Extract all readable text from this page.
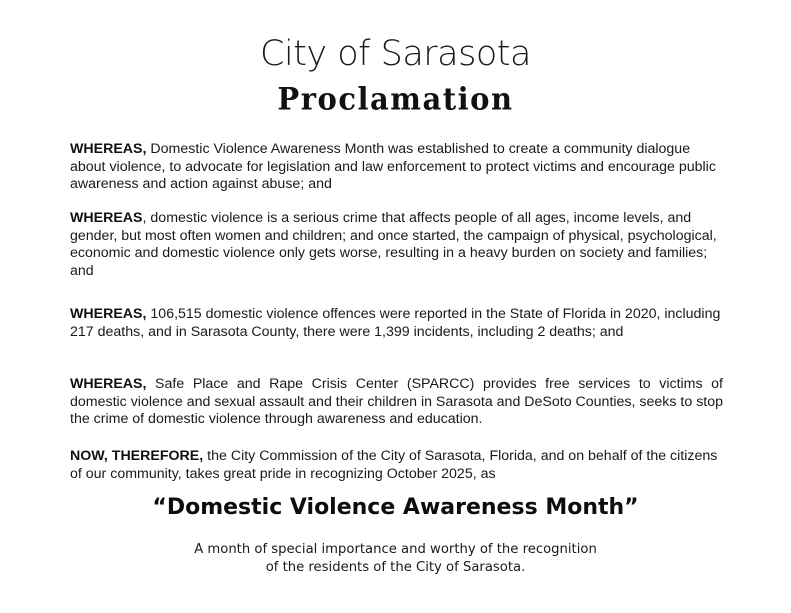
City of Sarasota
Proclamation

WHEREAS, Domestic Violence Awareness Month was established to create a community dialogue about violence, to advocate for legislation and law enforcement to protect victims and encourage public awareness and action against abuse; and

WHEREAS, domestic violence is a serious crime that affects people of all ages, income levels, and gender, but most often women and children; and once started, the campaign of physical, psychological, economic and domestic violence only gets worse, resulting in a heavy burden on society and families; and

WHEREAS, 106,515 domestic violence offences were reported in the State of Florida in 2020, including 217 deaths, and in Sarasota County, there were 1,399 incidents, including 2 deaths; and

WHEREAS, Safe Place and Rape Crisis Center (SPARCC) provides free services to victims of domestic violence and sexual assault and their children in Sarasota and DeSoto Counties, seeks to stop the crime of domestic violence through awareness and education.

NOW, THEREFORE, the City Commission of the City of Sarasota, Florida, and on behalf of the citizens of our community, takes great pride in recognizing October 2025, as

“Domestic Violence Awareness Month”
A month of special importance and worthy of the recognition
of the residents of the City of Sarasota.
